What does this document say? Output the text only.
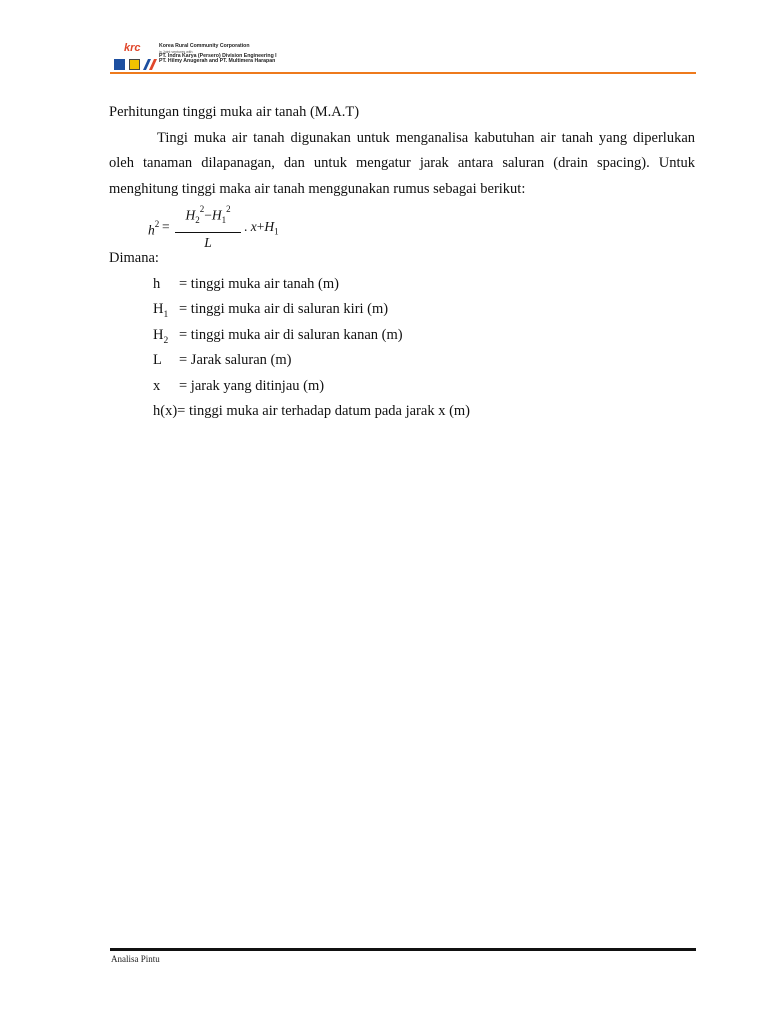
krc	Korea Rural Community Corporation
in Joint ventures with
PT. Indra Karya (Persero) Division Engineering I
PT. Hilmy Anugerah and PT. Multimera Harapan

Perhitungan tinggi muka air tanah (M.A.T)

Tingi muka air tanah digunakan untuk menganalisa kabutuhan air tanah yang diperlukan oleh tanaman dilapanagan, dan untuk mengatur jarak antara saluran (drain spacing). Untuk menghitung tinggi maka air tanah menggunakan rumus sebagai berikut:

$h^2$ =
$H_2^2-H_1^2$
L
. $x+H_1$

Dimana:

h	= tinggi muka air tanah (m)
$H_1$ = tinggi muka air di saluran kiri (m)
$H_2$ = tinggi muka air di saluran kanan (m)
L	= Jarak saluran (m)
x	= jarak yang ditinjau (m)
h(x) = tinggi muka air terhadap datum pada jarak x (m)
Analisa Pintu
